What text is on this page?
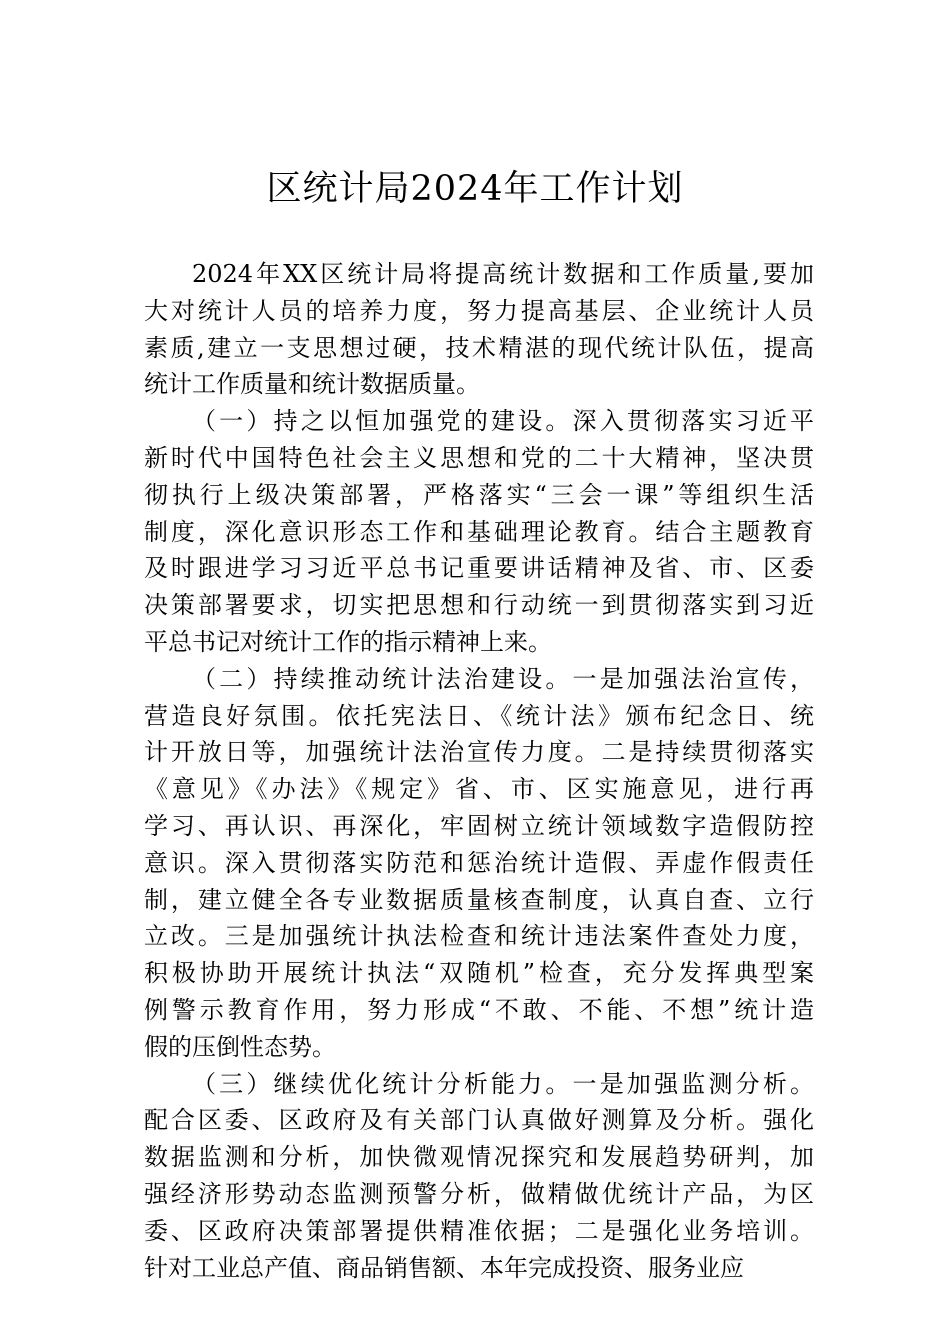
区统计局2024年工作计划
2024年XX区统计局将提高统计数据和工作质量,要加
大对统计人员的培养力度，努力提高基层、企业统计人员
素质,建立一支思想过硬，技术精湛的现代统计队伍，提高
统计工作质量和统计数据质量。
（一）持之以恒加强党的建设。深入贯彻落实习近平
新时代中国特色社会主义思想和党的二十大精神，坚决贯
彻执行上级决策部署，严格落实“三会一课”等组织生活
制度，深化意识形态工作和基础理论教育。结合主题教育
及时跟进学习习近平总书记重要讲话精神及省、市、区委
决策部署要求，切实把思想和行动统一到贯彻落实到习近
平总书记对统计工作的指示精神上来。
（二）持续推动统计法治建设。一是加强法治宣传，
营造良好氛围。依托宪法日、《统计法》颁布纪念日、统
计开放日等，加强统计法治宣传力度。二是持续贯彻落实
《意见》《办法》《规定》省、市、区实施意见，进行再
学习、再认识、再深化，牢固树立统计领域数字造假防控
意识。深入贯彻落实防范和惩治统计造假、弄虚作假责任
制，建立健全各专业数据质量核查制度，认真自查、立行
立改。三是加强统计执法检查和统计违法案件查处力度，
积极协助开展统计执法“双随机”检查，充分发挥典型案
例警示教育作用，努力形成“不敢、不能、不想”统计造
假的压倒性态势。
（三）继续优化统计分析能力。一是加强监测分析。
配合区委、区政府及有关部门认真做好测算及分析。强化
数据监测和分析，加快微观情况探究和发展趋势研判，加
强经济形势动态监测预警分析，做精做优统计产品，为区
委、区政府决策部署提供精准依据；二是强化业务培训。
针对工业总产值、商品销售额、本年完成投资、服务业应
